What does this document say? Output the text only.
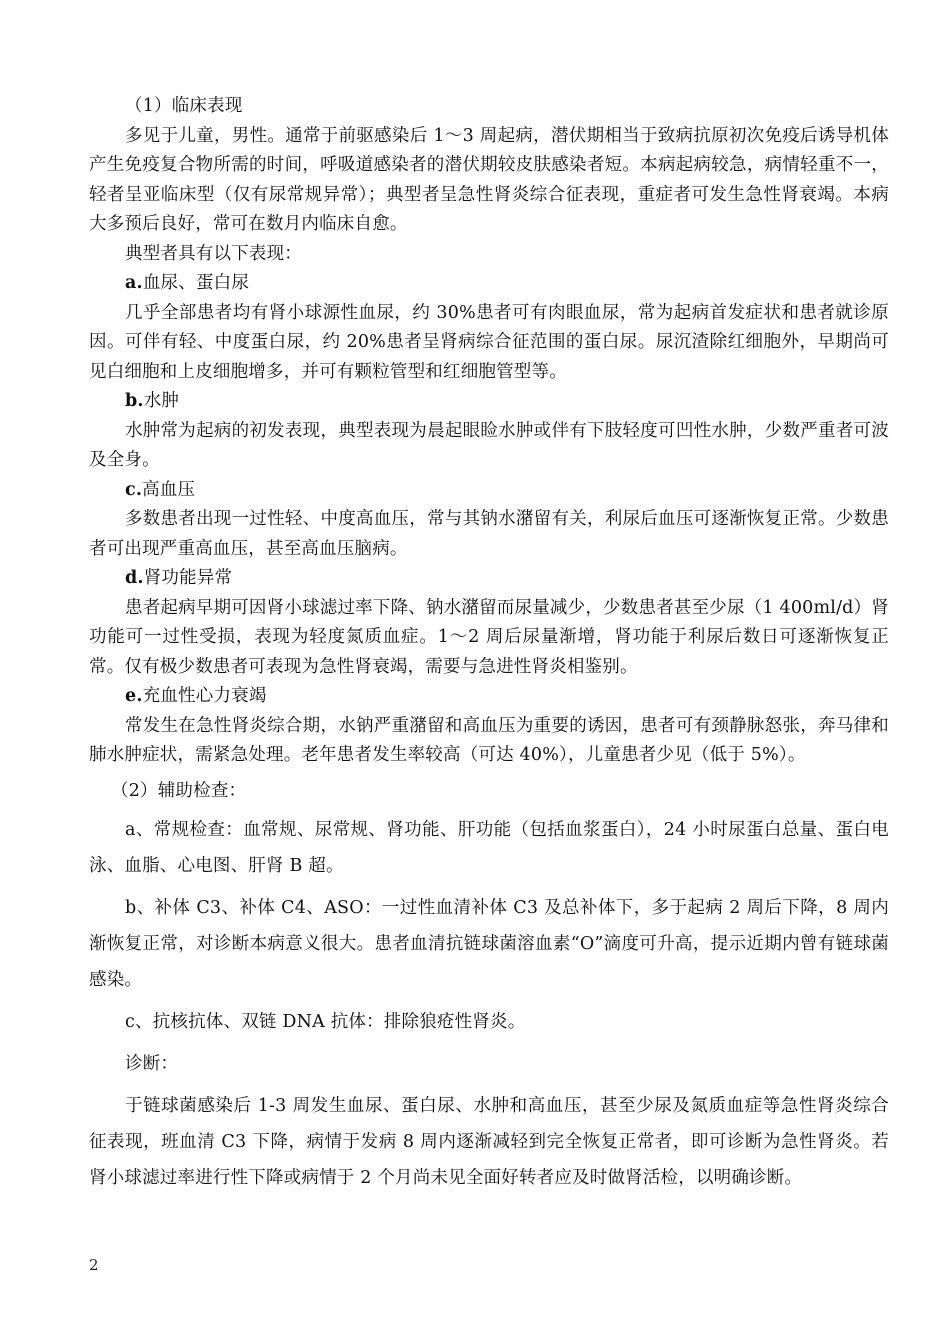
（1）临床表现

多见于儿童，男性。通常于前驱感染后 1～3 周起病，潜伏期相当于致病抗原初次免疫后诱导机体产生免疫复合物所需的时间，呼吸道感染者的潜伏期较皮肤感染者短。本病起病较急，病情轻重不一，轻者呈亚临床型（仅有尿常规异常）；典型者呈急性肾炎综合征表现，重症者可发生急性肾衰竭。本病大多预后良好，常可在数月内临床自愈。

典型者具有以下表现：

a.血尿、蛋白尿

几乎全部患者均有肾小球源性血尿，约 30%患者可有肉眼血尿，常为起病首发症状和患者就诊原因。可伴有轻、中度蛋白尿，约 20%患者呈肾病综合征范围的蛋白尿。尿沉渣除红细胞外，早期尚可见白细胞和上皮细胞增多，并可有颗粒管型和红细胞管型等。

b.水肿

水肿常为起病的初发表现，典型表现为晨起眼睑水肿或伴有下肢轻度可凹性水肿，少数严重者可波及全身。

c.高血压

多数患者出现一过性轻、中度高血压，常与其钠水潴留有关，利尿后血压可逐渐恢复正常。少数患者可出现严重高血压，甚至高血压脑病。

d.肾功能异常

患者起病早期可因肾小球滤过率下降、钠水潴留而尿量减少，少数患者甚至少尿（1 400ml/d）肾功能可一过性受损，表现为轻度氮质血症。1～2 周后尿量渐增，肾功能于利尿后数日可逐渐恢复正常。仅有极少数患者可表现为急性肾衰竭，需要与急进性肾炎相鉴别。

e.充血性心力衰竭

常发生在急性肾炎综合期，水钠严重潴留和高血压为重要的诱因，患者可有颈静脉怒张，奔马律和肺水肿症状，需紧急处理。老年患者发生率较高（可达 40%），儿童患者少见（低于 5%）。

（2）辅助检查：

a、常规检查：血常规、尿常规、肾功能、肝功能（包括血浆蛋白），24 小时尿蛋白总量、蛋白电泳、血脂、心电图、肝肾 B 超。

b、补体 C3、补体 C4、ASO：一过性血清补体 C3 及总补体下，多于起病 2 周后下降，8 周内渐恢复正常，对诊断本病意义很大。患者血清抗链球菌溶血素“O”滴度可升高，提示近期内曾有链球菌感染。

c、抗核抗体、双链 DNA 抗体：排除狼疮性肾炎。

诊断：

于链球菌感染后 1-3 周发生血尿、蛋白尿、水肿和高血压，甚至少尿及氮质血症等急性肾炎综合征表现，班血清 C3 下降，病情于发病 8 周内逐渐减轻到完全恢复正常者，即可诊断为急性肾炎。若肾小球滤过率进行性下降或病情于 2 个月尚未见全面好转者应及时做肾活检，以明确诊断。

2
